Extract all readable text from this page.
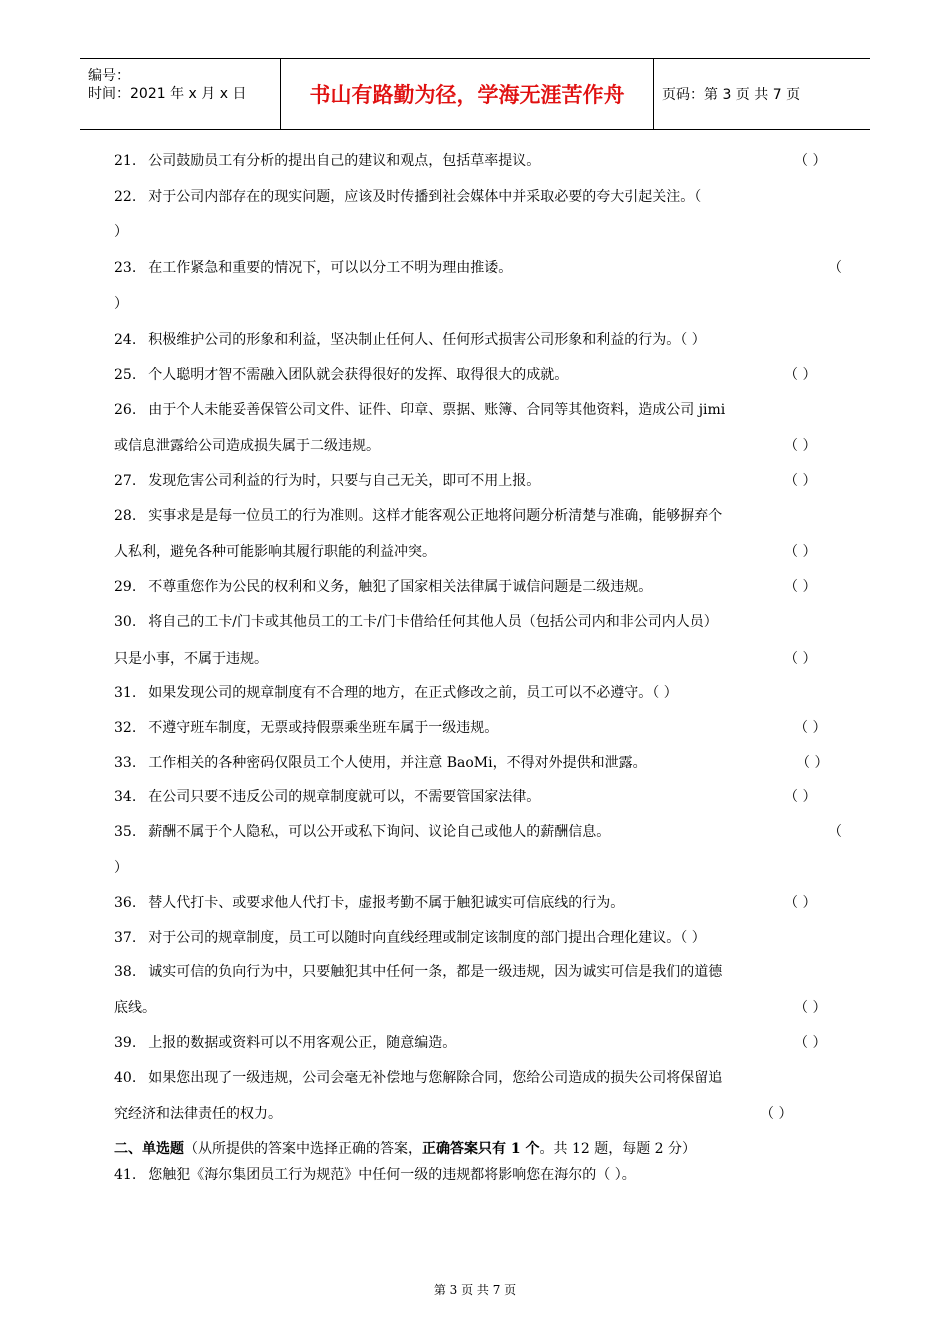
编号：
时间：2021 年 x 月 x 日	书山有路勤为径，学海无涯苦作舟	页码：第 3 页 共 7 页
21. 公司鼓励员工有分析的提出自己的建议和观点，包括草率提议。	（ ）
22. 对于公司内部存在的现实问题，应该及时传播到社会媒体中并采取必要的夸大引起关注。（
）
23. 在工作紧急和重要的情况下，可以以分工不明为理由推诿。	（
）
24. 积极维护公司的形象和利益，坚决制止任何人、任何形式损害公司形象和利益的行为。（ ）
25. 个人聪明才智不需融入团队就会获得很好的发挥、取得很大的成就。	（ ）
26. 由于个人未能妥善保管公司文件、证件、印章、票据、账簿、合同等其他资料，造成公司 jimi
或信息泄露给公司造成损失属于二级违规。	（ ）
27. 发现危害公司利益的行为时，只要与自己无关，即可不用上报。	（ ）
28. 实事求是是每一位员工的行为准则。这样才能客观公正地将问题分析清楚与准确，能够摒弃个
人私利，避免各种可能影响其履行职能的利益冲突。	（ ）
29. 不尊重您作为公民的权利和义务，触犯了国家相关法律属于诚信问题是二级违规。	（ ）
30. 将自己的工卡/门卡或其他员工的工卡/门卡借给任何其他人员（包括公司内和非公司内人员）
只是小事，不属于违规。	（ ）
31. 如果发现公司的规章制度有不合理的地方，在正式修改之前，员工可以不必遵守。（ ）
32. 不遵守班车制度，无票或持假票乘坐班车属于一级违规。	（ ）
33. 工作相关的各种密码仅限员工个人使用，并注意 BaoMi，不得对外提供和泄露。	（ ）
34. 在公司只要不违反公司的规章制度就可以，不需要管国家法律。	（ ）
35. 薪酬不属于个人隐私，可以公开或私下询问、议论自己或他人的薪酬信息。	（
）
36. 替人代打卡、或要求他人代打卡，虚报考勤不属于触犯诚实可信底线的行为。	（ ）
37. 对于公司的规章制度，员工可以随时向直线经理或制定该制度的部门提出合理化建议。（ ）
38. 诚实可信的负向行为中，只要触犯其中任何一条，都是一级违规，因为诚实可信是我们的道德
底线。	（ ）
39. 上报的数据或资料可以不用客观公正，随意编造。	（ ）
40. 如果您出现了一级违规，公司会毫无补偿地与您解除合同，您给公司造成的损失公司将保留追
究经济和法律责任的权力。	（ ）
二、单选题（从所提供的答案中选择正确的答案，正确答案只有 1 个。共 12 题，每题 2 分）
41. 您触犯《海尔集团员工行为规范》中任何一级的违规都将影响您在海尔的（ ）。
第 3 页 共 7 页
